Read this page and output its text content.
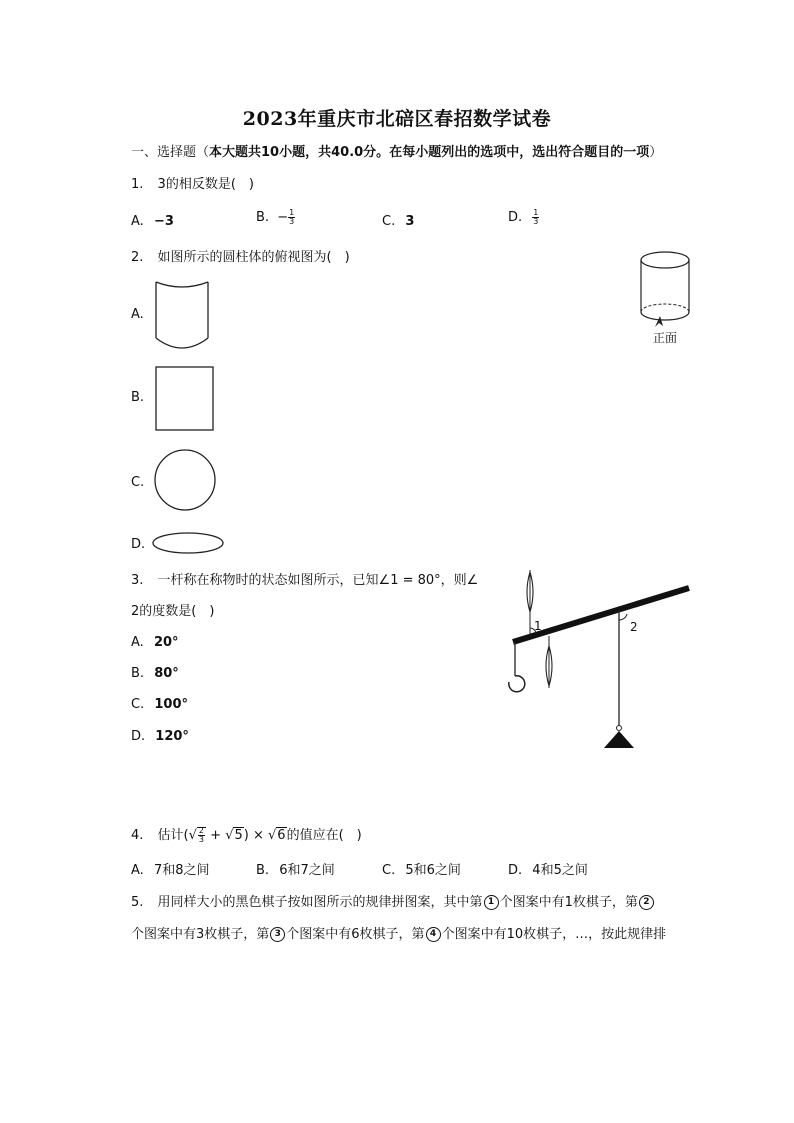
2023年重庆市北碚区春招数学试卷
一、选择题（本大题共10小题，共40.0分。在每小题列出的选项中，选出符合题目的一项）
1. 3的相反数是(　)
A. −3	B. − $\frac{1}{3}$	C. 3	D. $\frac{1}{3}$
2. 如图所示的圆柱体的俯视图为(　)
正面
A.
B.
C.
D.
3. 一杆称在称物时的状态如图所示，已知∠1 = 80°，则∠
2的度数是(　)
A. 20°
B. 80°
C. 100°
D. 120°
1	2
4. 估计(√ $\frac{2}{3} + √5) \times √6$的值应在(　)
A. 7和8之间	B. 6和7之间	C. 5和6之间	D. 4和5之间
5. 用同样大小的黑色棋子按如图所示的规律拼图案，其中第 1 个图案中有1枚棋子，第 2
个图案中有3枚棋子，第 3 个图案中有6枚棋子，第 4 个图案中有10枚棋子，…，按此规律排
